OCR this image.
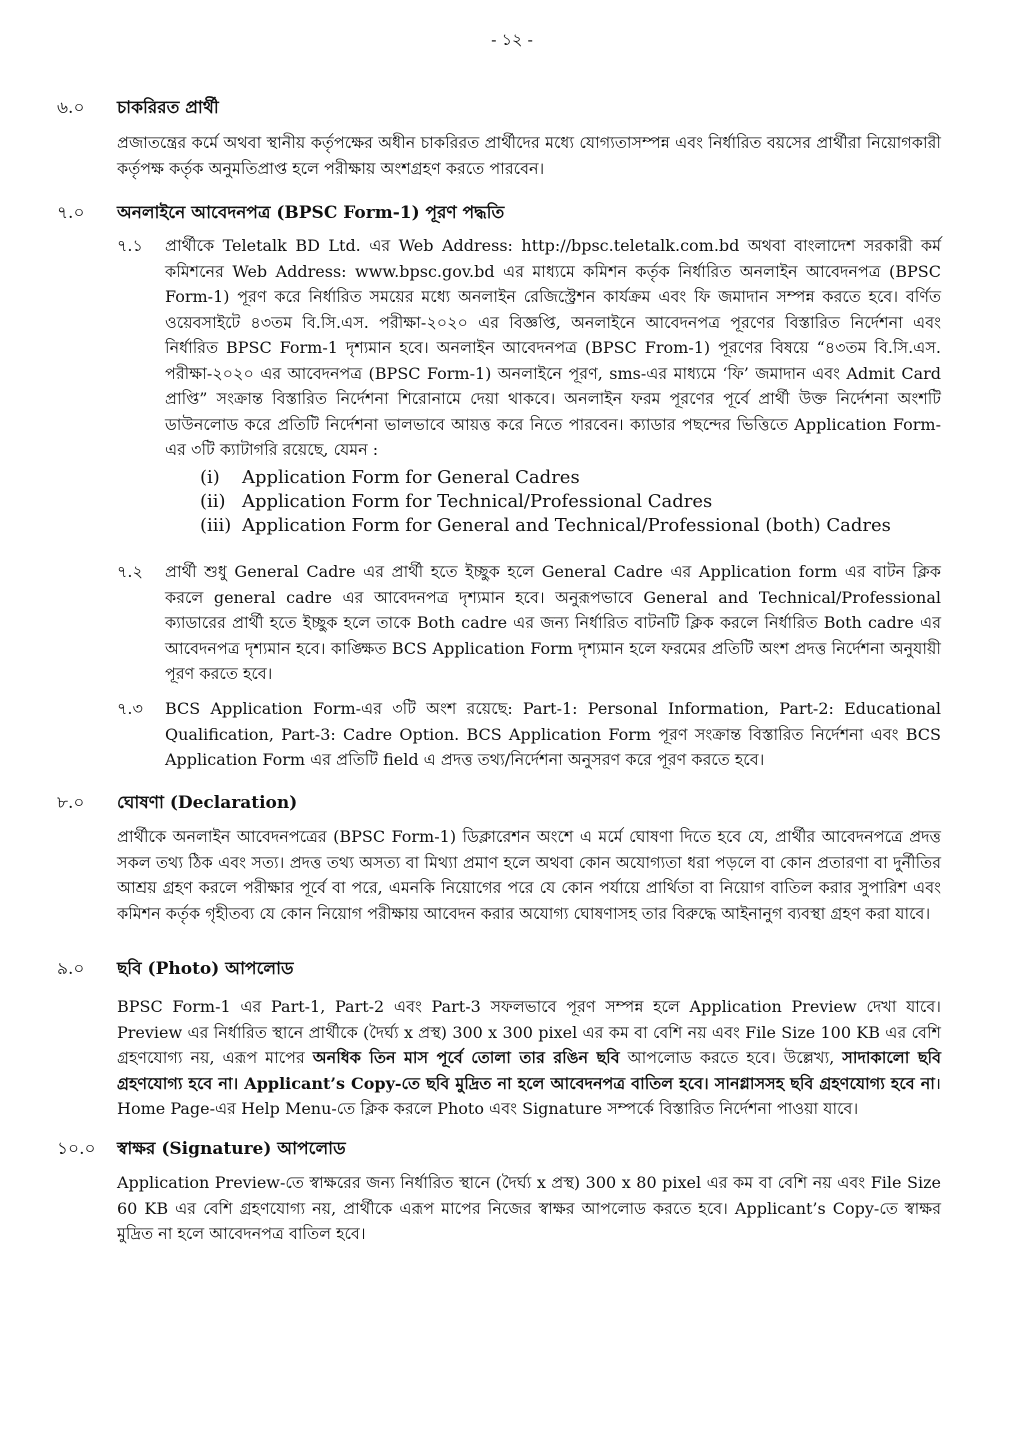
- ১২ -
৬.০ চাকরিরত প্রার্থী
প্রজাতন্ত্রের কর্মে অথবা স্থানীয় কর্তৃপক্ষের অধীন চাকরিরত প্রার্থীদের মধ্যে যোগ্যতাসম্পন্ন এবং নির্ধারিত বয়সের প্রার্থীরা নিয়োগকারী কর্তৃপক্ষ কর্তৃক অনুমতিপ্রাপ্ত হলে পরীক্ষায় অংশগ্রহণ করতে পারবেন।
৭.০ অনলাইনে আবেদনপত্র (BPSC Form-1) পূরণ পদ্ধতি
৭.১ প্রার্থীকে Teletalk BD Ltd. এর Web Address: http://bpsc.teletalk.com.bd অথবা বাংলাদেশ সরকারী কর্ম কমিশনের Web Address: www.bpsc.gov.bd এর মাধ্যমে কমিশন কর্তৃক নির্ধারিত অনলাইন আবেদনপত্র (BPSC Form-1) পূরণ করে নির্ধারিত সময়ের মধ্যে অনলাইন রেজিস্ট্রেশন কার্যক্রম এবং ফি জমাদান সম্পন্ন করতে হবে। বর্ণিত ওয়েবসাইটে ৪৩তম বি.সি.এস. পরীক্ষা-২০২০ এর বিজ্ঞপ্তি, অনলাইনে আবেদনপত্র পূরণের বিস্তারিত নির্দেশনা এবং নির্ধারিত BPSC Form-1 দৃশ্যমান হবে। অনলাইন আবেদনপত্র (BPSC From-1) পূরণের বিষয়ে “৪৩তম বি.সি.এস. পরীক্ষা-২০২০ এর আবেদনপত্র (BPSC Form-1) অনলাইনে পূরণ, sms-এর মাধ্যমে ‘ফি’ জমাদান এবং Admit Card প্রাপ্তি” সংক্রান্ত বিস্তারিত নির্দেশনা শিরোনামে দেয়া থাকবে। অনলাইন ফরম পূরণের পূর্বে প্রার্থী উক্ত নির্দেশনা অংশটি ডাউনলোড করে প্রতিটি নির্দেশনা ভালভাবে আয়ত্ত করে নিতে পারবেন। ক্যাডার পছন্দের ভিত্তিতে Application Form-এর ৩টি ক্যাটাগরি রয়েছে, যেমন :
(i)	Application Form for General Cadres
(ii) Application Form for Technical/Professional Cadres
(iii) Application Form for General and Technical/Professional (both) Cadres
৭.২ প্রার্থী শুধু General Cadre এর প্রার্থী হতে ইচ্ছুক হলে General Cadre এর Application form এর বাটন ক্লিক করলে general cadre এর আবেদনপত্র দৃশ্যমান হবে। অনুরূপভাবে General and Technical/Professional ক্যাডারের প্রার্থী হতে ইচ্ছুক হলে তাকে Both cadre এর জন্য নির্ধারিত বাটনটি ক্লিক করলে নির্ধারিত Both cadre এর আবেদনপত্র দৃশ্যমান হবে। কাঙ্ক্ষিত BCS Application Form দৃশ্যমান হলে ফরমের প্রতিটি অংশ প্রদত্ত নির্দেশনা অনুযায়ী পূরণ করতে হবে।
৭.৩ BCS Application Form-এর ৩টি অংশ রয়েছে: Part-1: Personal Information, Part-2: Educational Qualification, Part-3: Cadre Option. BCS Application Form পূরণ সংক্রান্ত বিস্তারিত নির্দেশনা এবং BCS Application Form এর প্রতিটি field এ প্রদত্ত তথ্য/নির্দেশনা অনুসরণ করে পূরণ করতে হবে।
৮.০ ঘোষণা (Declaration)
প্রার্থীকে অনলাইন আবেদনপত্রের (BPSC Form-1) ডিক্লারেশন অংশে এ মর্মে ঘোষণা দিতে হবে যে, প্রার্থীর আবেদনপত্রে প্রদত্ত সকল তথ্য ঠিক এবং সত্য। প্রদত্ত তথ্য অসত্য বা মিথ্যা প্রমাণ হলে অথবা কোন অযোগ্যতা ধরা পড়লে বা কোন প্রতারণা বা দুর্নীতির আশ্রয় গ্রহণ করলে পরীক্ষার পূর্বে বা পরে, এমনকি নিয়োগের পরে যে কোন পর্যায়ে প্রার্থিতা বা নিয়োগ বাতিল করার সুপারিশ এবং কমিশন কর্তৃক গৃহীতব্য যে কোন নিয়োগ পরীক্ষায় আবেদন করার অযোগ্য ঘোষণাসহ তার বিরুদ্ধে আইনানুগ ব্যবস্থা গ্রহণ করা যাবে।
৯.০ ছবি (Photo) আপলোড
BPSC Form-1 এর Part-1, Part-2 এবং Part-3 সফলভাবে পূরণ সম্পন্ন হলে Application Preview দেখা যাবে। Preview এর নির্ধারিত স্থানে প্রার্থীকে (দৈর্ঘ্য x প্রস্থ) 300 x 300 pixel এর কম বা বেশি নয় এবং File Size 100 KB এর বেশি গ্রহণযোগ্য নয়, এরূপ মাপের অনধিক তিন মাস পূর্বে তোলা তার রঙিন ছবি আপলোড করতে হবে। উল্লেখ্য, সাদাকালো ছবি গ্রহণযোগ্য হবে না। Applicant’s Copy-তে ছবি মুদ্রিত না হলে আবেদনপত্র বাতিল হবে। সানগ্লাসসহ ছবি গ্রহণযোগ্য হবে না। Home Page-এর Help Menu-তে ক্লিক করলে Photo এবং Signature সম্পর্কে বিস্তারিত নির্দেশনা পাওয়া যাবে।
১০.০ স্বাক্ষর (Signature) আপলোড
Application Preview-তে স্বাক্ষরের জন্য নির্ধারিত স্থানে (দৈর্ঘ্য x প্রস্থ) 300 x 80 pixel এর কম বা বেশি নয় এবং File Size 60 KB এর বেশি গ্রহণযোগ্য নয়, প্রার্থীকে এরূপ মাপের নিজের স্বাক্ষর আপলোড করতে হবে। Applicant’s Copy-তে স্বাক্ষর মুদ্রিত না হলে আবেদনপত্র বাতিল হবে।
